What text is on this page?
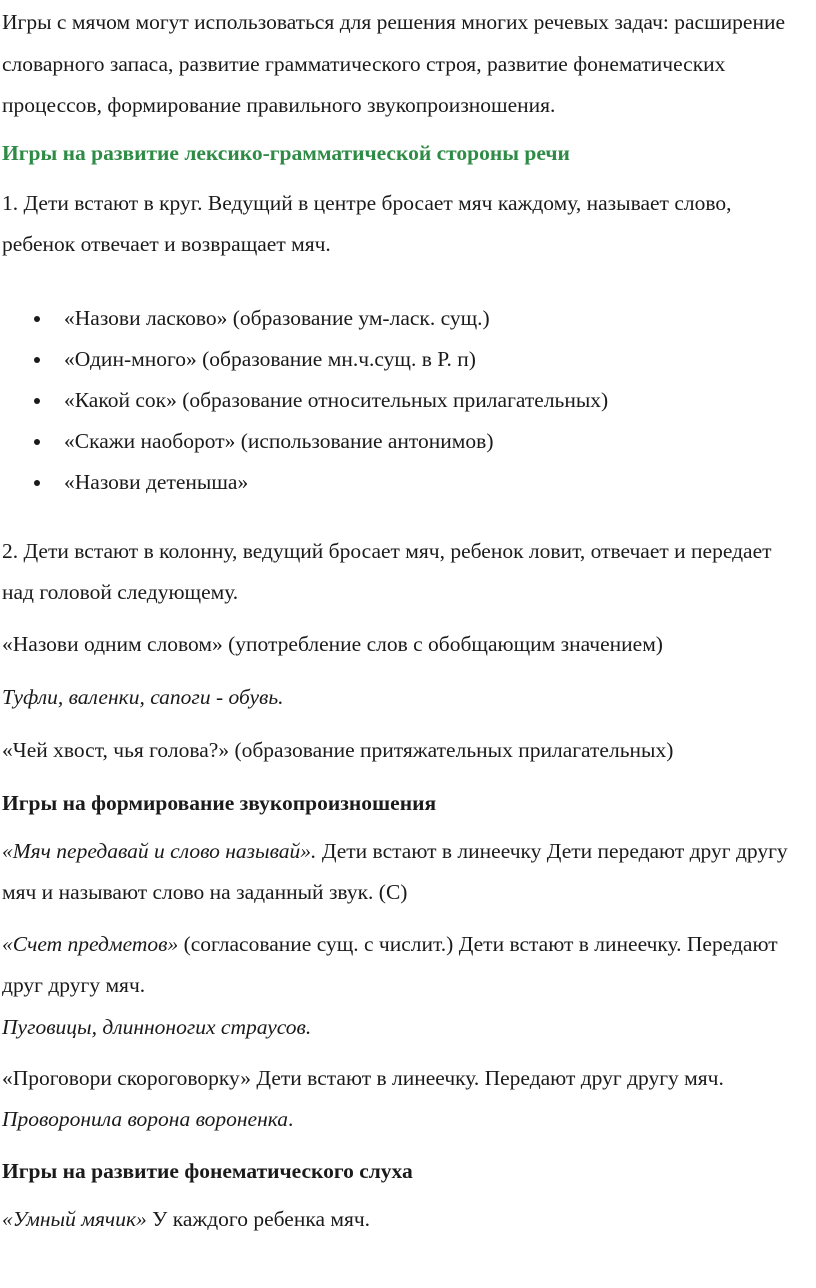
Игры с мячом могут использоваться для решения многих речевых задач: расширение словарного запаса, развитие грамматического строя, развитие фонематических процессов, формирование правильного звукопроизношения.

Игры на развитие лексико-грамматической стороны речи

1. Дети встают в круг. Ведущий в центре бросает мяч каждому, называет слово, ребенок отвечает и возвращает мяч.

«Назови ласково» (образование ум-ласк. сущ.)
«Один-много» (образование мн.ч.сущ. в Р. п)
«Какой сок» (образование относительных прилагательных)
«Скажи наоборот» (использование антонимов)
«Назови детеныша»

2. Дети встают в колонну, ведущий бросает мяч, ребенок ловит, отвечает и передает над головой следующему.

«Назови одним словом» (употребление слов с обобщающим значением)

Туфли, валенки, сапоги - обувь.

«Чей хвост, чья голова?» (образование притяжательных прилагательных)

Игры на формирование звукопроизношения

«Мяч передавай и слово называй». Дети встают в линеечку Дети передают друг другу мяч и называют слово на заданный звук. (С)

«Счет предметов» (согласование сущ. с числит.) Дети встают в линеечку. Передают друг другу мяч.

Пуговицы, длинноногих страусов.

«Проговори скороговорку» Дети встают в линеечку. Передают друг другу мяч. Проворонила ворона вороненка.

Игры на развитие фонематического слуха

«Умный мячик» У каждого ребенка мяч.
